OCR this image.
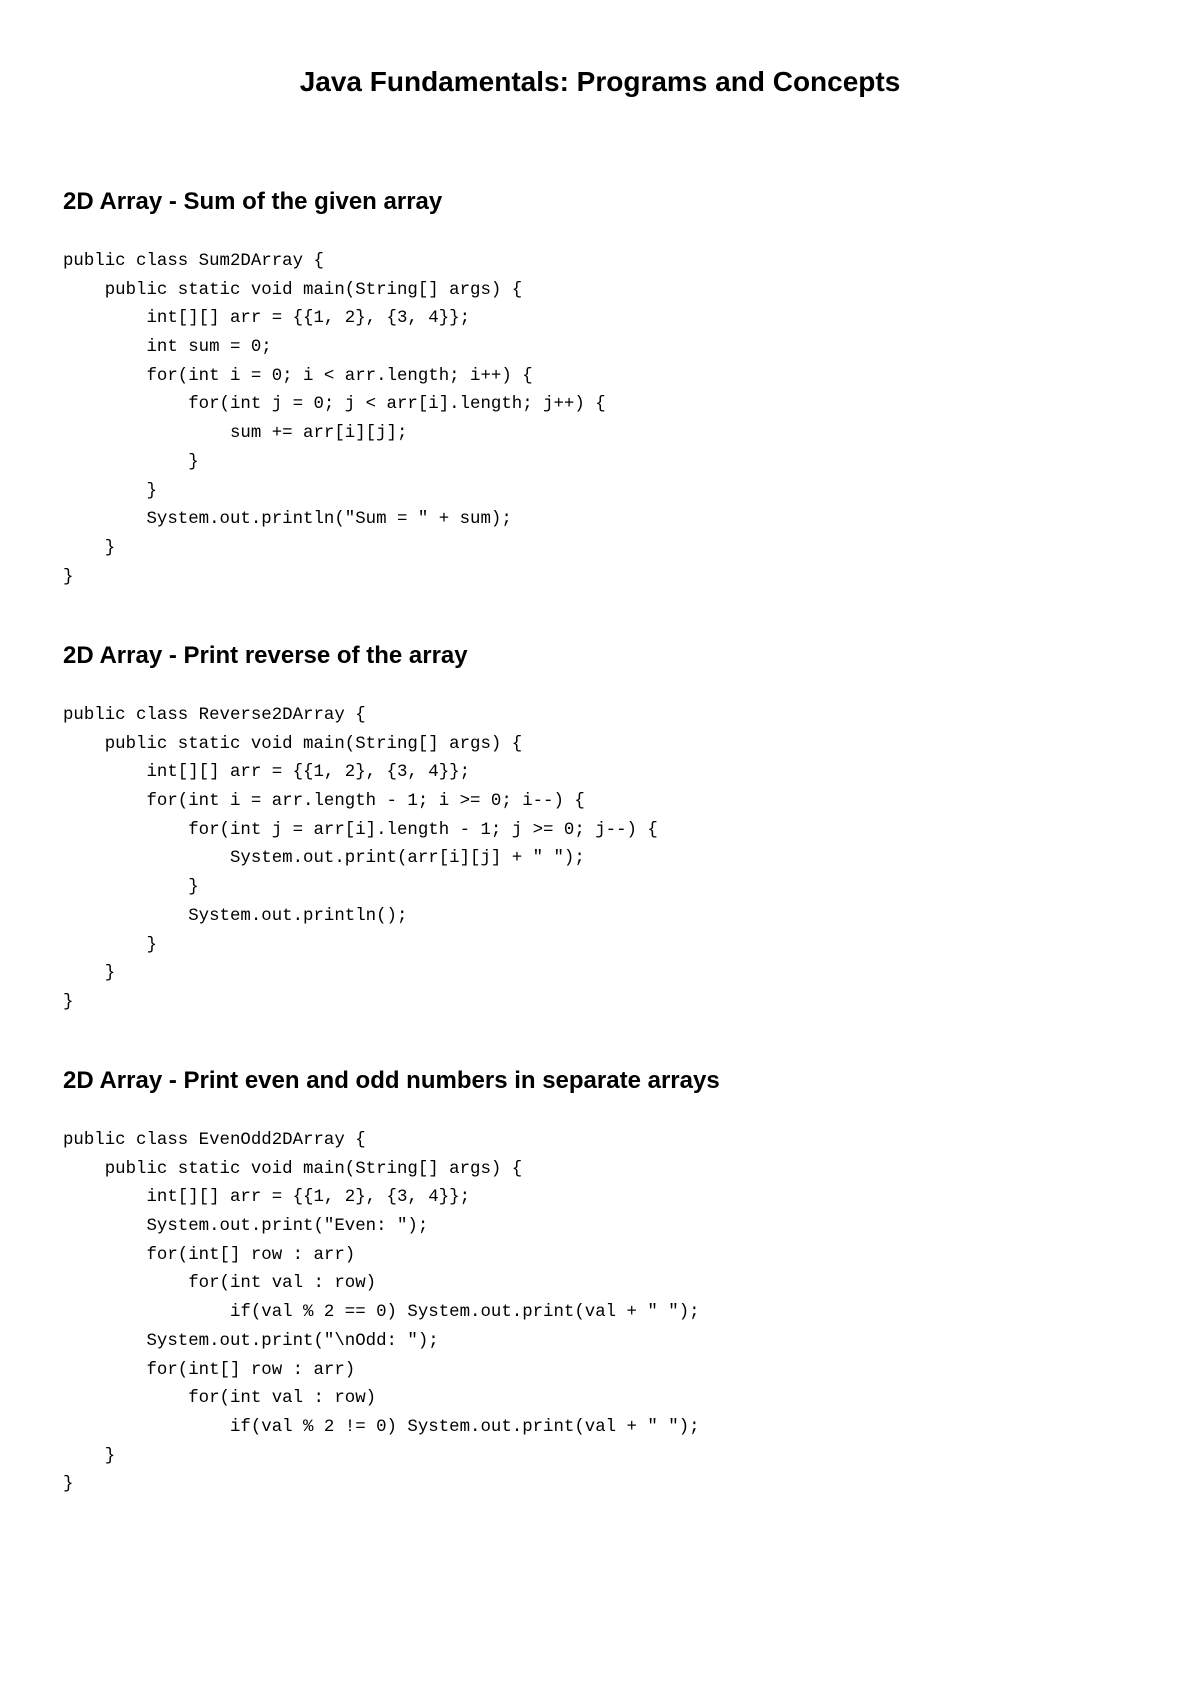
Java Fundamentals: Programs and Concepts
2D Array - Sum of the given array
public class Sum2DArray {
public static void main(String[] args) {
int[][] arr = {{1, 2}, {3, 4}};
int sum = 0;
for(int i = 0; i < arr.length; i++) {
for(int j = 0; j < arr[i].length; j++) {
sum += arr[i][j];
}
}
System.out.println("Sum = " + sum);
}
}
2D Array - Print reverse of the array
public class Reverse2DArray {
public static void main(String[] args) {
int[][] arr = {{1, 2}, {3, 4}};
for(int i = arr.length - 1; i >= 0; i--) {
for(int j = arr[i].length - 1; j >= 0; j--) {
System.out.print(arr[i][j] + " ");
}
System.out.println();
}
}
}
2D Array - Print even and odd numbers in separate arrays
public class EvenOdd2DArray {
public static void main(String[] args) {
int[][] arr = {{1, 2}, {3, 4}};
System.out.print("Even: ");
for(int[] row : arr)
for(int val : row)
if(val % 2 == 0) System.out.print(val + " ");
System.out.print("\nOdd: ");
for(int[] row : arr)
for(int val : row)
if(val % 2 != 0) System.out.print(val + " ");
}
}
